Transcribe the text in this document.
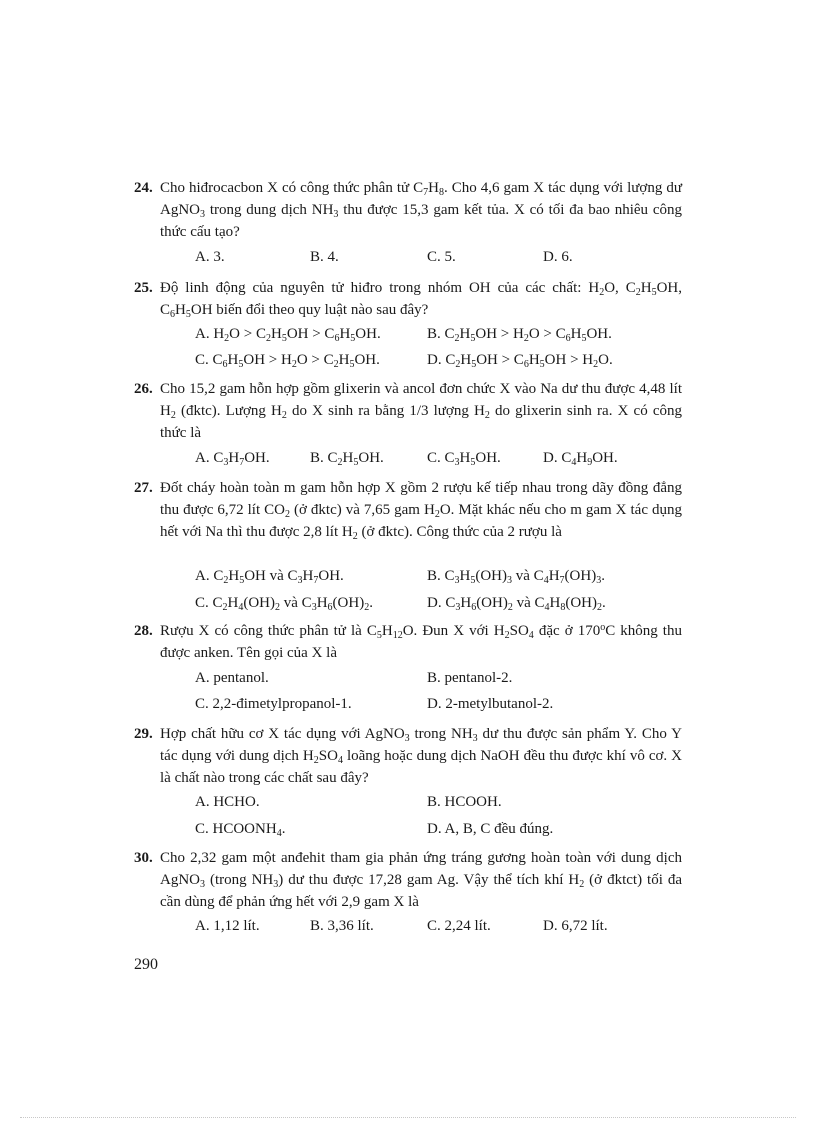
24. Cho hiđrocacbon X có công thức phân tử $C_7H_8$. Cho 4,6 gam X tác dụng với lượng dư AgNO$_3$ trong dung dịch $NH_3$ thu được 15,3 gam kết tủa. X có tối đa bao nhiêu công thức cấu tạo?
A. 3.	B. 4.	C. 5.	D. 6.
25. Độ linh động của nguyên tử hiđro trong nhóm OH của các chất: $H_2O$, $C_2H_5OH$, $C_6H_5OH$ biến đổi theo quy luật nào sau đây?
A. $H_2O > C_2H_5OH > C_6H_5OH$.	B. $C_2H_5OH > H_2O > C_6H_5OH$.
C. $C_6H_5OH > H_2O > C_2H_5OH$.	D. $C_2H_5OH > C_6H_5OH > H_2O$.
26. Cho 15,2 gam hỗn hợp gồm glixerin và ancol đơn chức X vào Na dư thu được 4,48 lít $H_2$ (đktc). Lượng $H_2$ do X sinh ra bằng 1/3 lượng $H_2$ do glixerin sinh ra. X có công thức là
A. $C_3H_7OH$.	B. $C_2H_5OH$.	C. $C_3H_5OH$.	D. $C_4H_9OH$.
27. Đốt cháy hoàn toàn m gam hỗn hợp X gồm 2 rượu kế tiếp nhau trong dãy đồng đẳng thu được 6,72 lít $CO_2$ (ở đktc) và 7,65 gam $H_2O$. Mặt khác nếu cho m gam X tác dụng hết với Na thì thu được 2,8 lít $H_2$ (ở đktc). Công thức của 2 rượu là
A. $C_2H_5OH$ và $C_3H_7OH$.	B. $C_3H_5(OH)_3$ và $C_4H_7(OH)_3$.
C. $C_2H_4(OH)_2$ và $C_3H_6(OH)_2$.	D. $C_3H_6(OH)_2$ và $C_4H_8(OH)_2$.
28. Rượu X có công thức phân tử là $C_5H_{12}O$. Đun X với $H_2SO_4$ đặc ở 170$^o$C không thu được anken. Tên gọi của X là
A. pentanol.	B. pentanol-2.
C. 2,2-đimetylpropanol-1.	D. 2-metylbutanol-2.
29. Hợp chất hữu cơ X tác dụng với AgNO$_3$ trong $NH_3$ dư thu được sản phẩm Y. Cho Y tác dụng với dung dịch $H_2SO_4$ loãng hoặc dung dịch NaOH đều thu được khí vô cơ. X là chất nào trong các chất sau đây?
A. HCHO.	B. HCOOH.
C. $HCOONH_4$.	D. A, B, C đều đúng.
30. Cho 2,32 gam một anđehit tham gia phản ứng tráng gương hoàn toàn với dung dịch AgNO$_3$ (trong $NH_3$) dư thu được 17,28 gam Ag. Vậy thể tích khí $H_2$ (ở đktct) tối đa cần dùng để phản ứng hết với 2,9 gam X là
A. 1,12 lít.	B. 3,36 lít.	C. 2,24 lít.	D. 6,72 lít.
290
